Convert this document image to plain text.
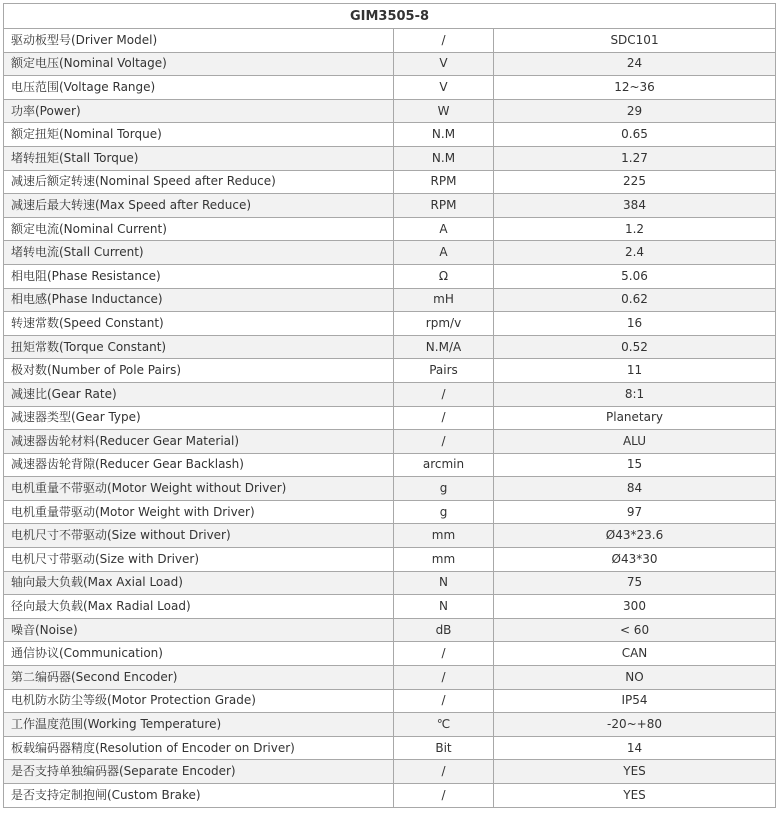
GIM3505-8		
驱动板型号(Driver Model)	/	SDC101
额定电压(Nominal Voltage)	V	24
电压范围(Voltage Range)	V	12~36
功率(Power)	W	29
额定扭矩(Nominal Torque)	N.M	0.65
堵转扭矩(Stall Torque)	N.M	1.27
减速后额定转速(Nominal Speed after Reduce)	RPM	225
减速后最大转速(Max Speed after Reduce)	RPM	384
额定电流(Nominal Current)	A	1.2
堵转电流(Stall Current)	A	2.4
相电阻(Phase Resistance)	Ω	5.06
相电感(Phase Inductance)	mH	0.62
转速常数(Speed Constant)	rpm/v	16
扭矩常数(Torque Constant)	N.M/A	0.52
极对数(Number of Pole Pairs)	Pairs	11
减速比(Gear Rate)	/	8:1
减速器类型(Gear Type)	/	Planetary
减速器齿轮材料(Reducer Gear Material)	/	ALU
减速器齿轮背隙(Reducer Gear Backlash)	arcmin	15
电机重量不带驱动(Motor Weight without Driver)	g	84
电机重量带驱动(Motor Weight with Driver)	g	97
电机尺寸不带驱动(Size without Driver)	mm	Ø43*23.6
电机尺寸带驱动(Size with Driver)	mm	Ø43*30
轴向最大负载(Max Axial Load)	N	75
径向最大负载(Max Radial Load)	N	300
噪音(Noise)	dB	< 60
通信协议(Communication)	/	CAN
第二编码器(Second Encoder)	/	NO
电机防水防尘等级(Motor Protection Grade)	/	IP54
工作温度范围(Working Temperature)	℃	-20~+80
板载编码器精度(Resolution of Encoder on Driver)	Bit	14
是否支持单独编码器(Separate Encoder)	/	YES
是否支持定制抱闸(Custom Brake)	/	YES
